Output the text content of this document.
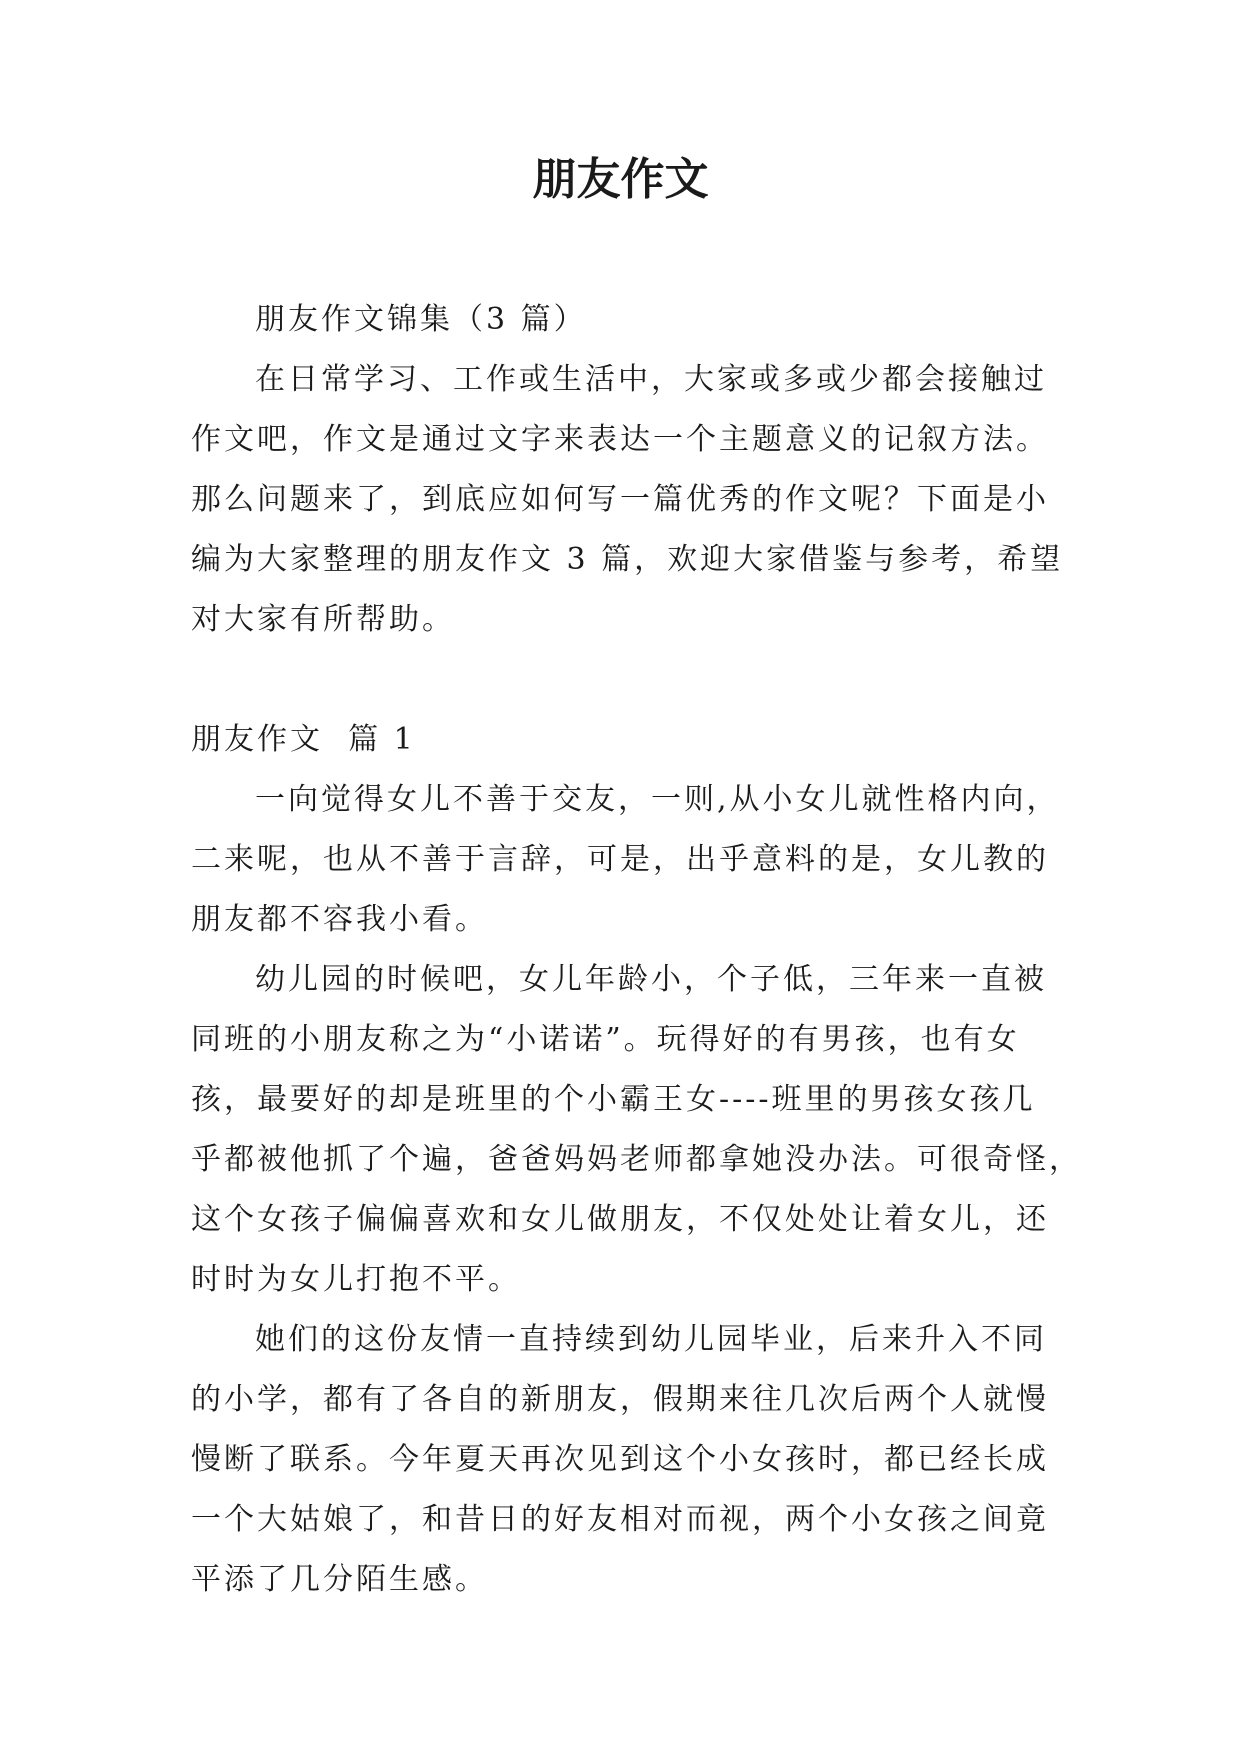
朋友作文

朋友作文锦集（3 篇）

在日常学习、工作或生活中，大家或多或少都会接触过

作文吧，作文是通过文字来表达一个主题意义的记叙方法。

那么问题来了，到底应如何写一篇优秀的作文呢？下面是小

编为大家整理的朋友作文 3 篇，欢迎大家借鉴与参考，希望

对大家有所帮助。

朋友作文  篇 1

一向觉得女儿不善于交友，一则,从小女儿就性格内向，

二来呢，也从不善于言辞，可是，出乎意料的是，女儿教的

朋友都不容我小看。

幼儿园的时候吧，女儿年龄小，个子低，三年来一直被

同班的小朋友称之为“小诺诺”。玩得好的有男孩，也有女

孩，最要好的却是班里的个小霸王女----班里的男孩女孩几

乎都被他抓了个遍，爸爸妈妈老师都拿她没办法。可很奇怪，

这个女孩子偏偏喜欢和女儿做朋友，不仅处处让着女儿，还

时时为女儿打抱不平。

她们的这份友情一直持续到幼儿园毕业，后来升入不同

的小学，都有了各自的新朋友，假期来往几次后两个人就慢

慢断了联系。今年夏天再次见到这个小女孩时，都已经长成

一个大姑娘了，和昔日的好友相对而视，两个小女孩之间竟

平添了几分陌生感。
